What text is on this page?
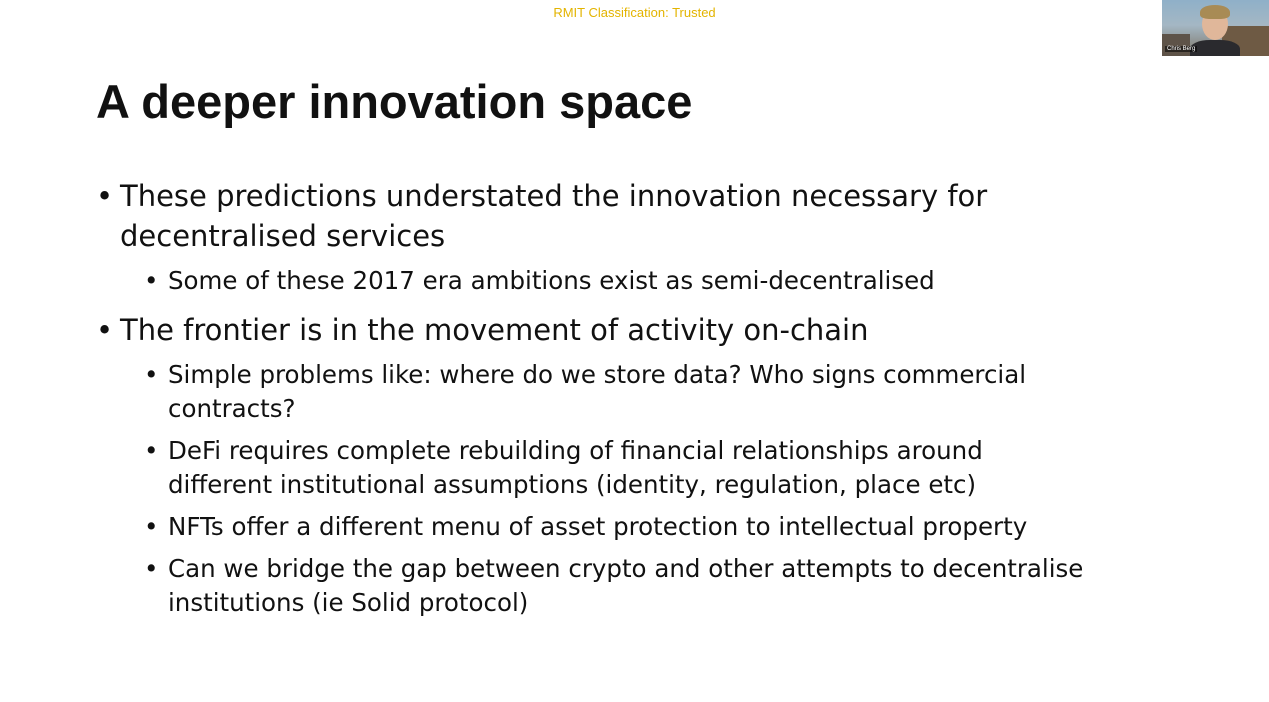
RMIT Classification: Trusted
Chris Berg
A deeper innovation space
• These predictions understated the innovation necessary for
decentralised services
• Some of these 2017 era ambitions exist as semi-decentralised
• The frontier is in the movement of activity on-chain
• Simple problems like: where do we store data? Who signs commercial
contracts?
• DeFi requires complete rebuilding of financial relationships around
different institutional assumptions (identity, regulation, place etc)
• NFTs offer a different menu of asset protection to intellectual property
• Can we bridge the gap between crypto and other attempts to decentralise
institutions (ie Solid protocol)
